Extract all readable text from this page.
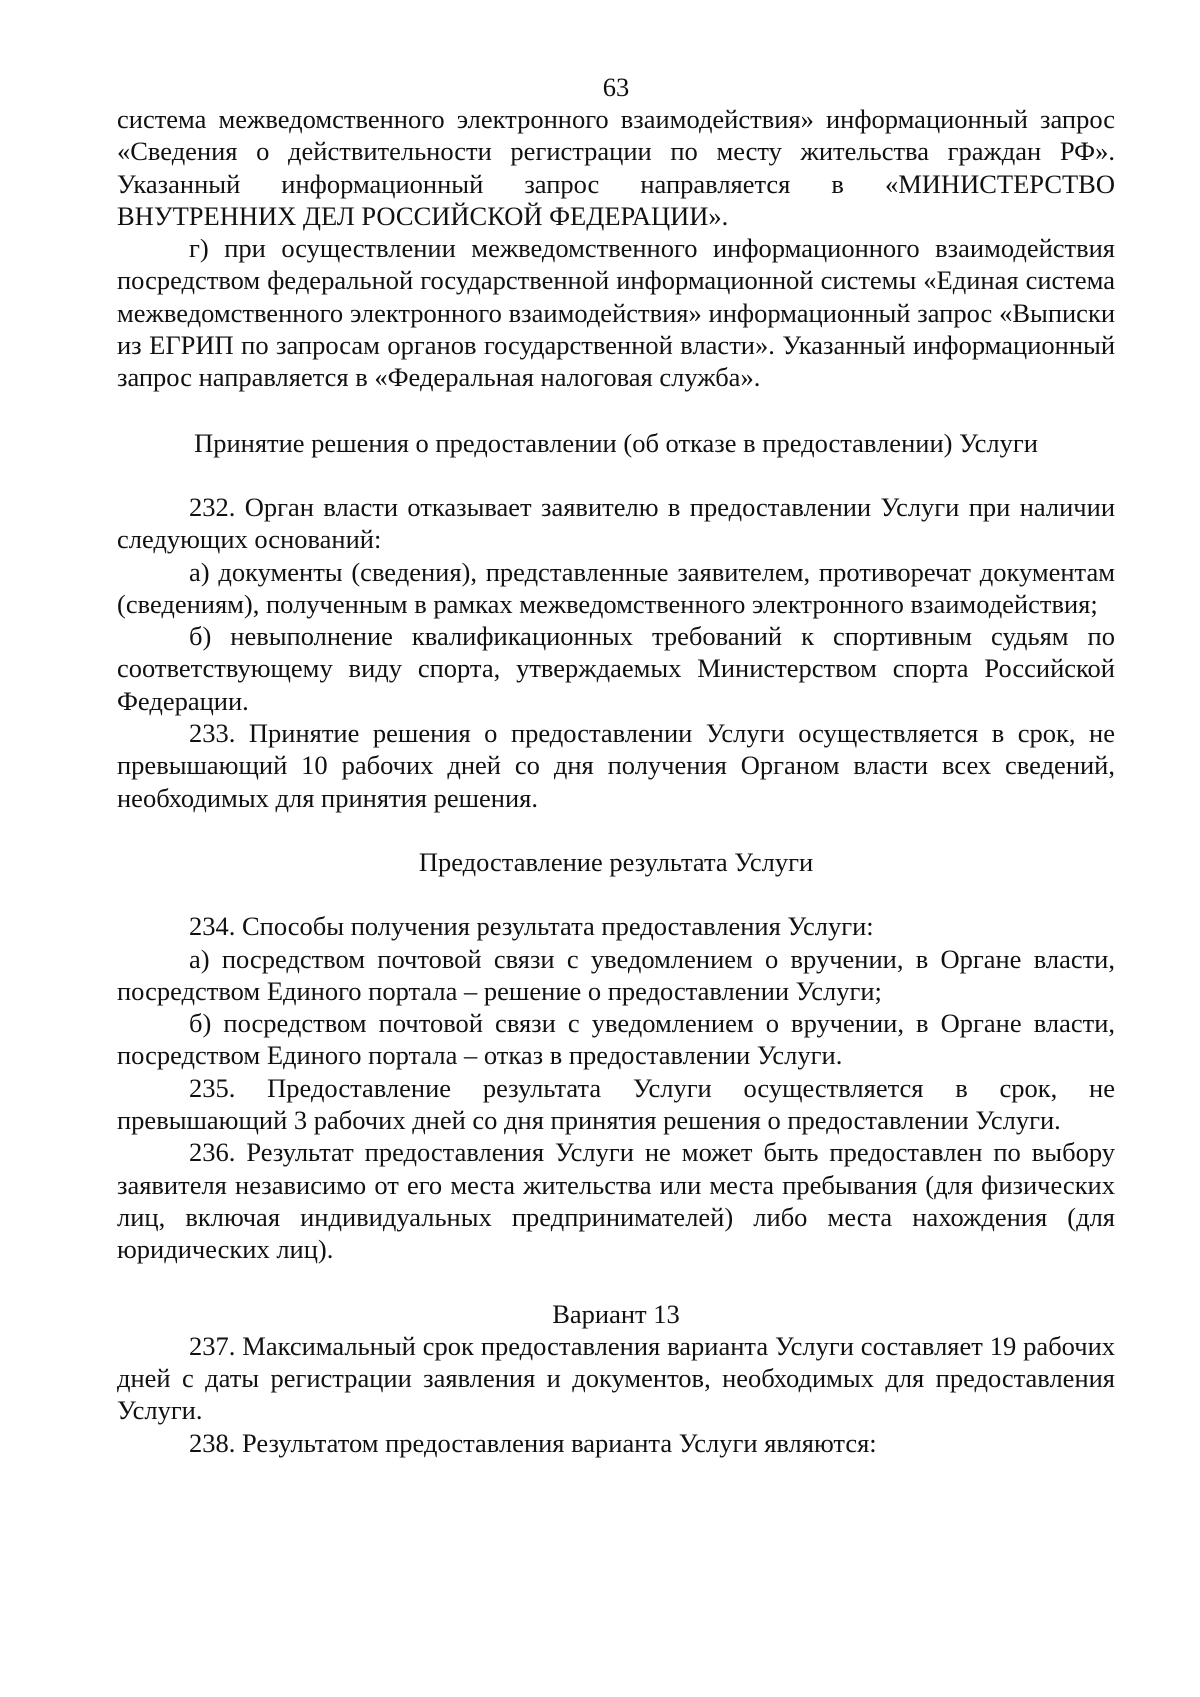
63

система межведомственного электронного взаимодействия» информационный запрос «Сведения о действительности регистрации по месту жительства граждан РФ». Указанный информационный запрос направляется в «МИНИСТЕРСТВО ВНУТРЕННИХ ДЕЛ РОССИЙСКОЙ ФЕДЕРАЦИИ».

г) при осуществлении межведомственного информационного взаимодействия посредством федеральной государственной информационной системы «Единая система межведомственного электронного взаимодействия» информационный запрос «Выписки из ЕГРИП по запросам органов государственной власти». Указанный информационный запрос направляется в «Федеральная налоговая служба».

Принятие решения о предоставлении (об отказе в предоставлении) Услуги

232. Орган власти отказывает заявителю в предоставлении Услуги при наличии следующих оснований:

а) документы (сведения), представленные заявителем, противоречат документам (сведениям), полученным в рамках межведомственного электронного взаимодействия;

б) невыполнение квалификационных требований к спортивным судьям по соответствующему виду спорта, утверждаемых Министерством спорта Российской Федерации.

233. Принятие решения о предоставлении Услуги осуществляется в срок, не превышающий 10 рабочих дней со дня получения Органом власти всех сведений, необходимых для принятия решения.

Предоставление результата Услуги

234. Способы получения результата предоставления Услуги:

а) посредством почтовой связи с уведомлением о вручении, в Органе власти, посредством Единого портала – решение о предоставлении Услуги;

б) посредством почтовой связи с уведомлением о вручении, в Органе власти, посредством Единого портала – отказ в предоставлении Услуги.

235. Предоставление результата Услуги осуществляется в срок, не превышающий 3 рабочих дней со дня принятия решения о предоставлении Услуги.

236. Результат предоставления Услуги не может быть предоставлен по выбору заявителя независимо от его места жительства или места пребывания (для физических лиц, включая индивидуальных предпринимателей) либо места нахождения (для юридических лиц).

Вариант 13

237. Максимальный срок предоставления варианта Услуги составляет 19 рабочих дней с даты регистрации заявления и документов, необходимых для предоставления Услуги.

238. Результатом предоставления варианта Услуги являются:
